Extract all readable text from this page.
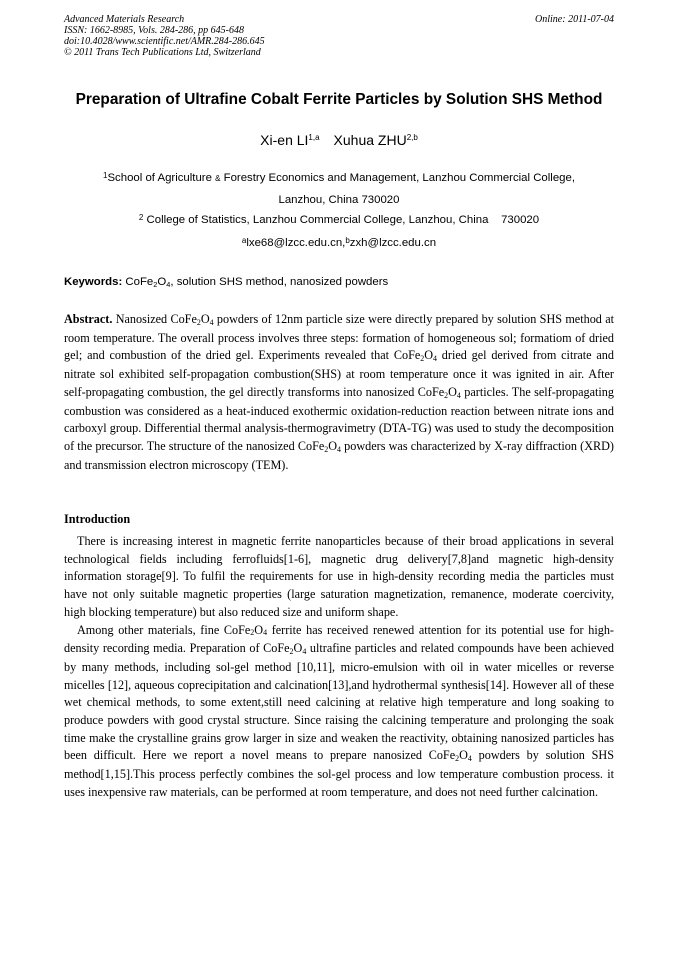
Advanced Materials Research
ISSN: 1662-8985, Vols. 284-286, pp 645-648
doi:10.4028/www.scientific.net/AMR.284-286.645
© 2011 Trans Tech Publications Ltd, Switzerland
Online: 2011-07-04
Preparation of Ultrafine Cobalt Ferrite Particles by Solution SHS Method
Xi-en LI$^{1,a}$ Xuhua ZHU$^{2,b}$
$^1$School of Agriculture & Forestry Economics and Management, Lanzhou Commercial College,
Lanzhou, China 730020
$^2$ College of Statistics, Lanzhou Commercial College, Lanzhou, China 730020
$^a$lxe68@lzcc.edu.cn,$^b$zxh@lzcc.edu.cn
Keywords: $CoFe_2O_4$, solution SHS method, nanosized powders
Abstract. Nanosized $CoFe_2O_4$ powders of 12nm particle size were directly prepared by solution SHS method at room temperature. The overall process involves three steps: formation of homogeneous sol; formatiom of dried gel; and combustion of the dried gel. Experiments revealed that $CoFe_2O_4$ dried gel derived from citrate and nitrate sol exhibited self-propagation combustion(SHS) at room temperature once it was ignited in air. After self-propagating combustion, the gel directly transforms into nanosized $CoFe_2O_4$ particles. The self-propagating combustion was considered as a heat-induced exothermic oxidation-reduction reaction between nitrate ions and carboxyl group. Differential thermal analysis-thermogravimetry (DTA-TG) was used to study the decomposition of the precursor. The structure of the nanosized $CoFe_2O_4$ powders was characterized by X-ray diffraction (XRD) and transmission electron microscopy (TEM).
Introduction

There is increasing interest in magnetic ferrite nanoparticles because of their broad applications in several technological fields including ferrofluids[1-6], magnetic drug delivery[7,8]and magnetic high-density information storage[9]. To fulfil the requirements for use in high-density recording media the particles must have not only suitable magnetic properties (large saturation magnetization, remanence, moderate coercivity, high blocking temperature) but also reduced size and uniform shape.

Among other materials, fine $CoFe_2O_4$ ferrite has received renewed attention for its potential use for high-density recording media. Preparation of $CoFe_2O_4$ ultrafine particles and related compounds have been achieved by many methods, including sol-gel method [10,11], micro-emulsion with oil in water micelles or reverse micelles [12], aqueous coprecipitation and calcination[13],and hydrothermal synthesis[14]. However all of these wet chemical methods, to some extent,still need calcining at relative high temperature and long soaking to produce powders with good crystal structure. Since raising the calcining temperature and prolonging the soak time make the crystalline grains grow larger in size and weaken the reactivity, obtaining nanosized particles has been difficult. Here we report a novel means to prepare nanosized $CoFe_2O_4$ powders by solution SHS method[1,15].This process perfectly combines the sol-gel process and low temperature combustion process. it uses inexpensive raw materials, can be performed at room temperature, and does not need further calcination.
